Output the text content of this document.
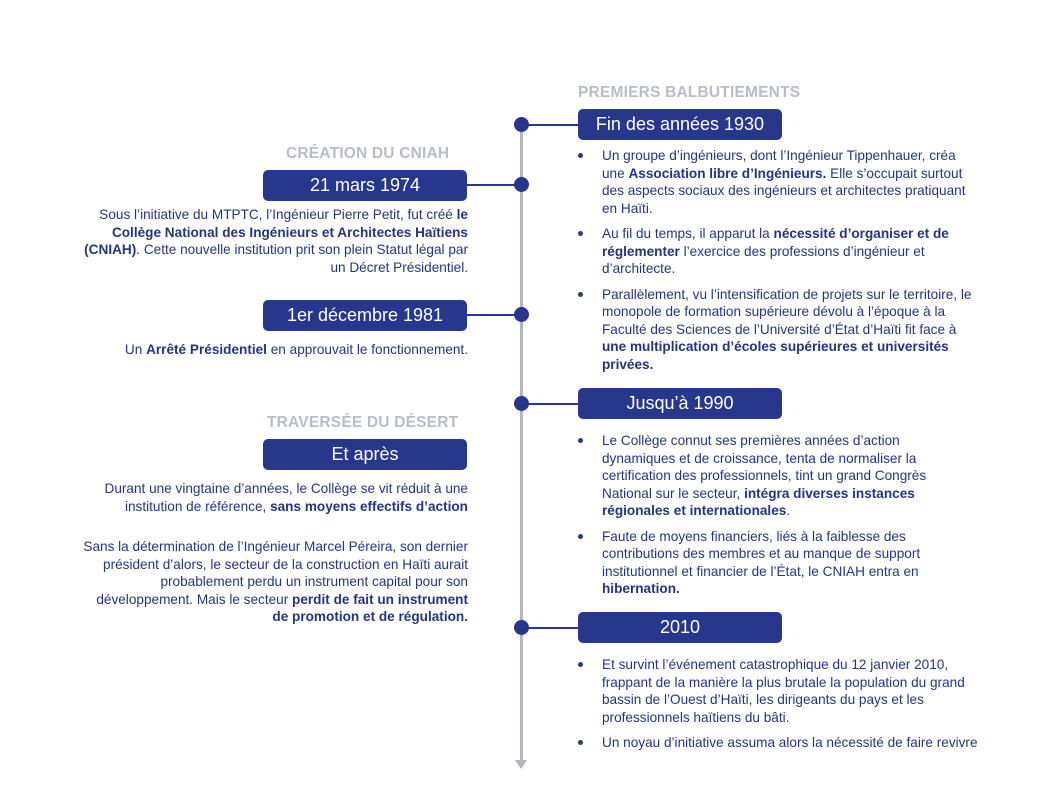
PREMIERS BALBUTIEMENTS
Fin des années 1930
Un groupe d’ingénieurs, dont l’Ingénieur Tippenhauer, créa une Association libre d’Ingénieurs. Elle s’occupait surtout des aspects sociaux des ingénieurs et architectes pratiquant en Haïti.
Au fil du temps, il apparut la nécessité d’organiser et de réglementer l’exercice des professions d’ingénieur et d’architecte.
Parallèlement, vu l’intensification de projets sur le territoire, le monopole de formation supérieure dévolu à l’époque à la Faculté des Sciences de l’Université d’État d’Haïti fit face à une multiplication d’écoles supérieures et universités privées.
Jusqu’à 1990
Le Collège connut ses premières années d’action dynamiques et de croissance, tenta de normaliser la certification des professionnels, tint un grand Congrès National sur le secteur, intégra diverses instances régionales et internationales.
Faute de moyens financiers, liés à la faiblesse des contributions des membres et au manque de support institutionnel et financier de l’État, le CNIAH entra en hibernation.
2010
Et survint l’événement catastrophique du 12 janvier 2010, frappant de la manière la plus brutale la population du grand bassin de l’Ouest d’Haïti, les dirigeants du pays et les professionnels haïtiens du bâti.
Un noyau d’initiative assuma alors la nécessité de faire revivre
CRÉATION DU CNIAH
21 mars 1974
Sous l’initiative du MTPTC, l’Ingénieur Pierre Petit, fut créé le Collège National des Ingénieurs et Architectes Haïtiens (CNIAH). Cette nouvelle institution prit son plein Statut légal par un Décret Présidentiel.
1er décembre 1981
Un Arrêté Présidentiel en approuvait le fonctionnement.
TRAVERSÉE DU DÉSERT
Et après
Durant une vingtaine d’années, le Collège se vit réduit à une institution de référence, sans moyens effectifs d’action
Sans la détermination de l’Ingénieur Marcel Péreira, son dernier président d’alors, le secteur de la construction en Haïti aurait probablement perdu un instrument capital pour son développement. Mais le secteur perdit de fait un instrument de promotion et de régulation.
